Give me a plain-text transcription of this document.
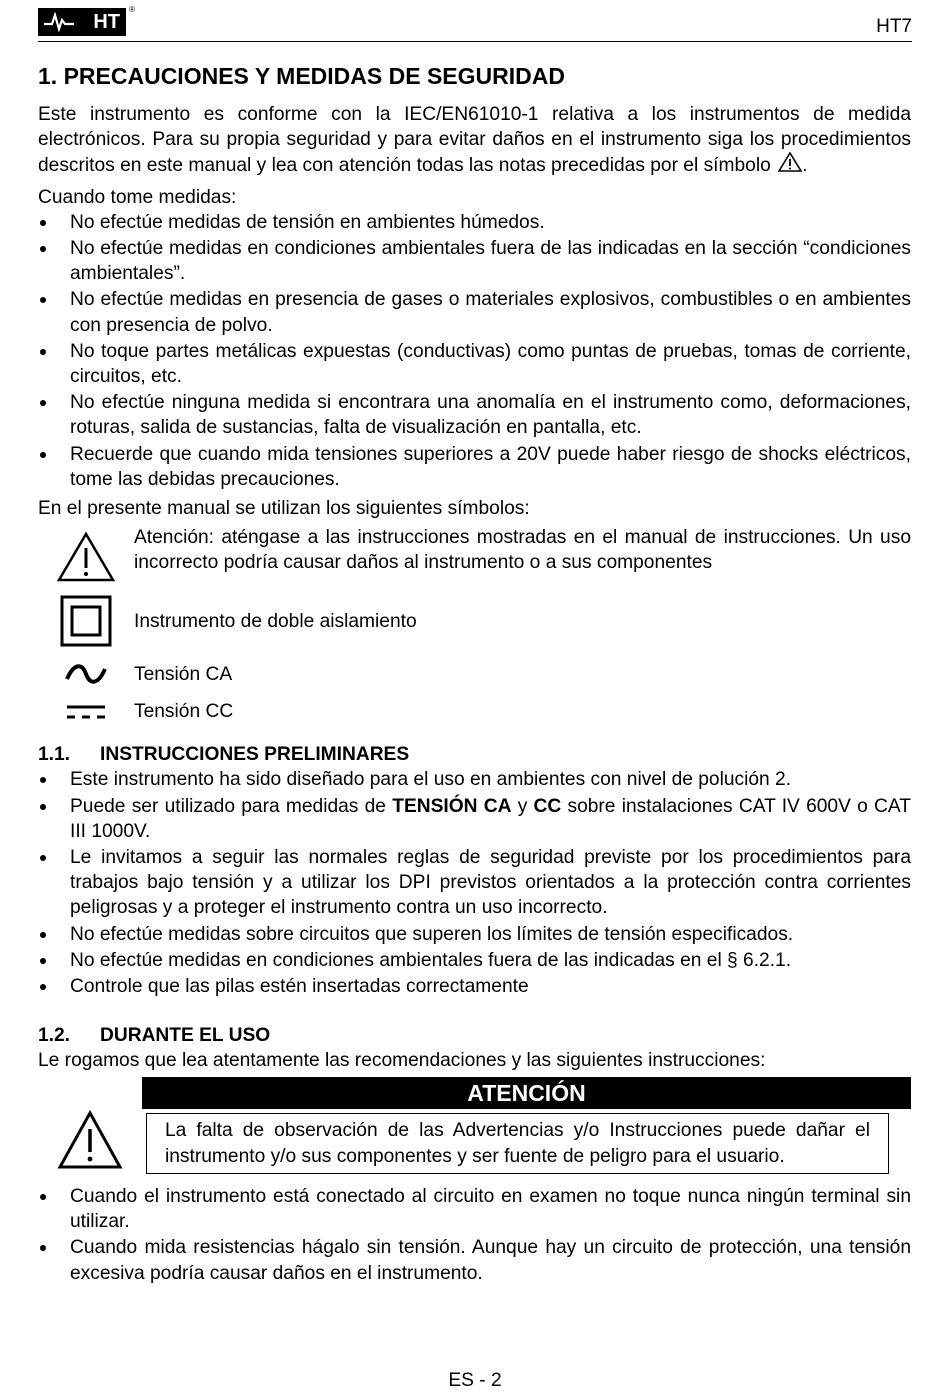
HT
®
HT7
1. PRECAUCIONES Y MEDIDAS DE SEGURIDAD

Este instrumento es conforme con la IEC/EN61010-1 relativa a los instrumentos de medida electrónicos. Para su propia seguridad y para evitar daños en el instrumento siga los procedimientos descritos en este manual y lea con atención todas las notas precedidas por el símbolo .

Cuando tome medidas:

No efectúe medidas de tensión en ambientes húmedos.
No efectúe medidas en condiciones ambientales fuera de las indicadas en la sección “condiciones ambientales”.
No efectúe medidas en presencia de gases o materiales explosivos, combustibles o en ambientes con presencia de polvo.
No toque partes metálicas expuestas (conductivas) como puntas de pruebas, tomas de corriente, circuitos, etc.
No efectúe ninguna medida si encontrara una anomalía en el instrumento como, deformaciones, roturas, salida de sustancias, falta de visualización en pantalla, etc.
Recuerde que cuando mida tensiones superiores a 20V puede haber riesgo de shocks eléctricos, tome las debidas precauciones.

En el presente manual se utilizan los siguientes símbolos:

Atención: aténgase a las instrucciones mostradas en el manual de instrucciones. Un uso incorrecto podría causar daños al instrumento o a sus componentes
Instrumento de doble aislamiento
Tensión CA
Tensión CC
1.1.	INSTRUCCIONES PRELIMINARES
Este instrumento ha sido diseñado para el uso en ambientes con nivel de polución 2.
Puede ser utilizado para medidas de TENSIÓN CA y CC sobre instalaciones CAT IV 600V o CAT III 1000V.
Le invitamos a seguir las normales reglas de seguridad previste por los procedimientos para trabajos bajo tensión y a utilizar los DPI previstos orientados a la protección contra corrientes peligrosas y a proteger el instrumento contra un uso incorrecto.
No efectúe medidas sobre circuitos que superen los límites de tensión especificados.
No efectúe medidas en condiciones ambientales fuera de las indicadas en el § 6.2.1.
Controle que las pilas estén insertadas correctamente
1.2.	DURANTE EL USO

Le rogamos que lea atentamente las recomendaciones y las siguientes instrucciones:

ATENCIÓN
La falta de observación de las Advertencias y/o Instrucciones puede dañar el instrumento y/o sus componentes y ser fuente de peligro para el usuario.
Cuando el instrumento está conectado al circuito en examen no toque nunca ningún terminal sin utilizar.
Cuando mida resistencias hágalo sin tensión. Aunque hay un circuito de protección, una tensión excesiva podría causar daños en el instrumento.
ES - 2
